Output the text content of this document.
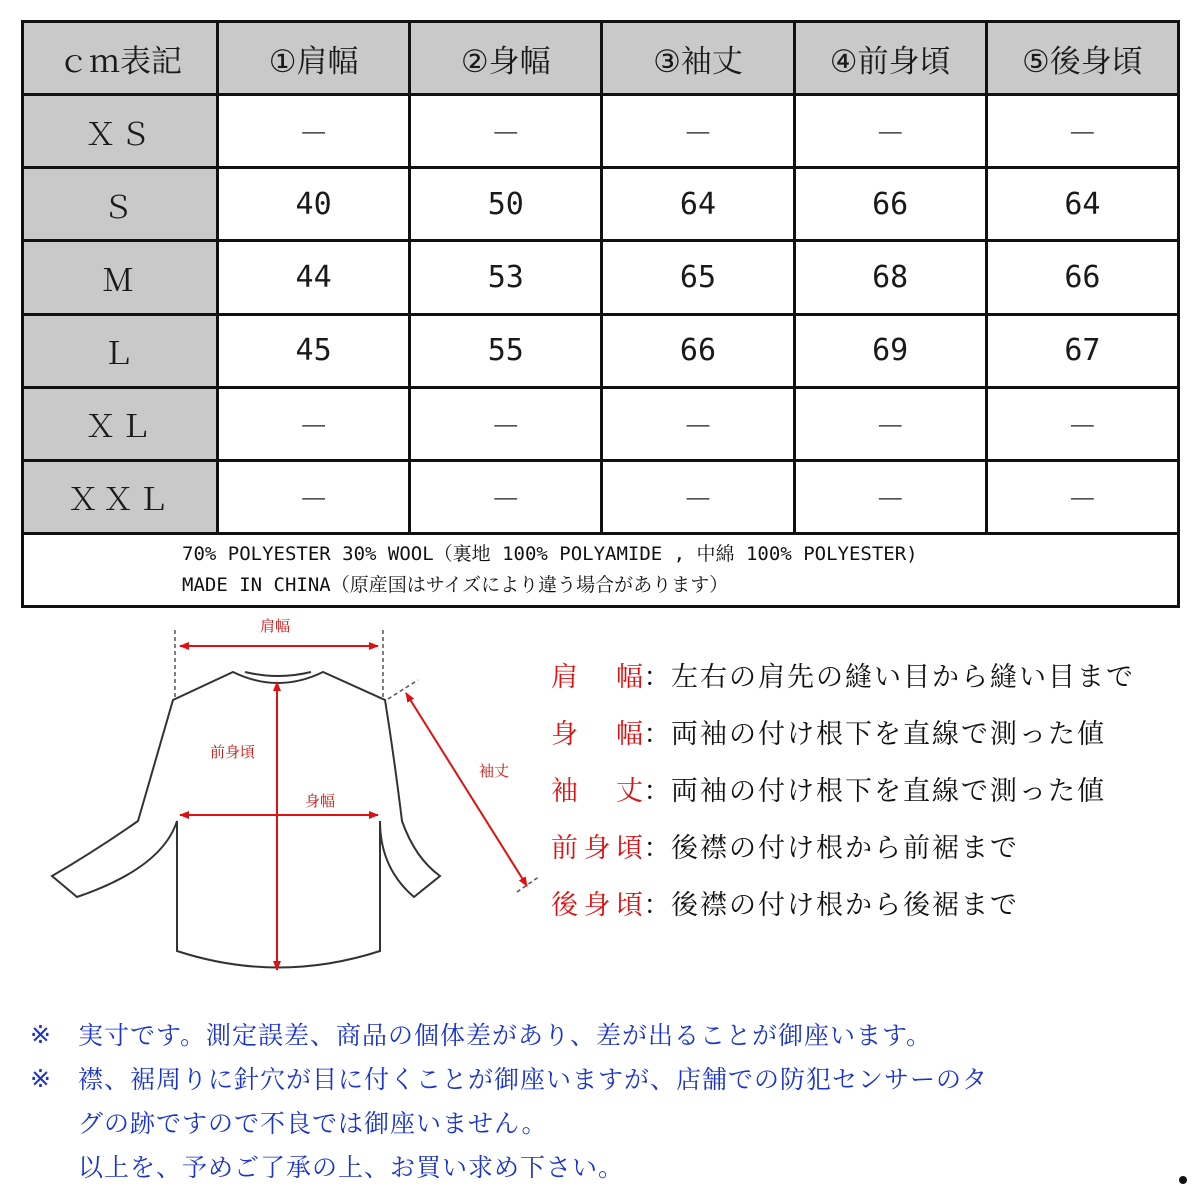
ｃｍ表記	①肩幅	②身幅	③袖丈	④前身頃	⑤後身頃
ＸＳ	－	－	－	－	－
Ｓ	40	50	64	66	64
Ｍ	44	53	65	68	66
Ｌ	45	55	66	69	67
ＸＬ	－	－	－	－	－
ＸＸＬ	－	－	－	－	－
70% POLYESTER 30% WOOL（裏地 100% POLYAMIDE , 中綿 100% POLYESTER)
MADE IN CHINA（原産国はサイズにより違う場合があります）
肩幅
前身頃
身幅
袖丈
肩 幅 ： 左右の肩先の縫い目から縫い目まで
身 幅 ： 両袖の付け根下を直線で測った値
袖 丈 ： 両袖の付け根下を直線で測った値
前 身 頃 ： 後襟の付け根から前裾まで
後 身 頃 ： 後襟の付け根から後裾まで
※	実寸です。測定誤差、商品の個体差があり、差が出ることが御座います。
※	襟、裾周りに針穴が目に付くことが御座いますが、店舗での防犯センサーのタ
グの跡ですので不良では御座いません。
以上を、予めご了承の上、お買い求め下さい。
